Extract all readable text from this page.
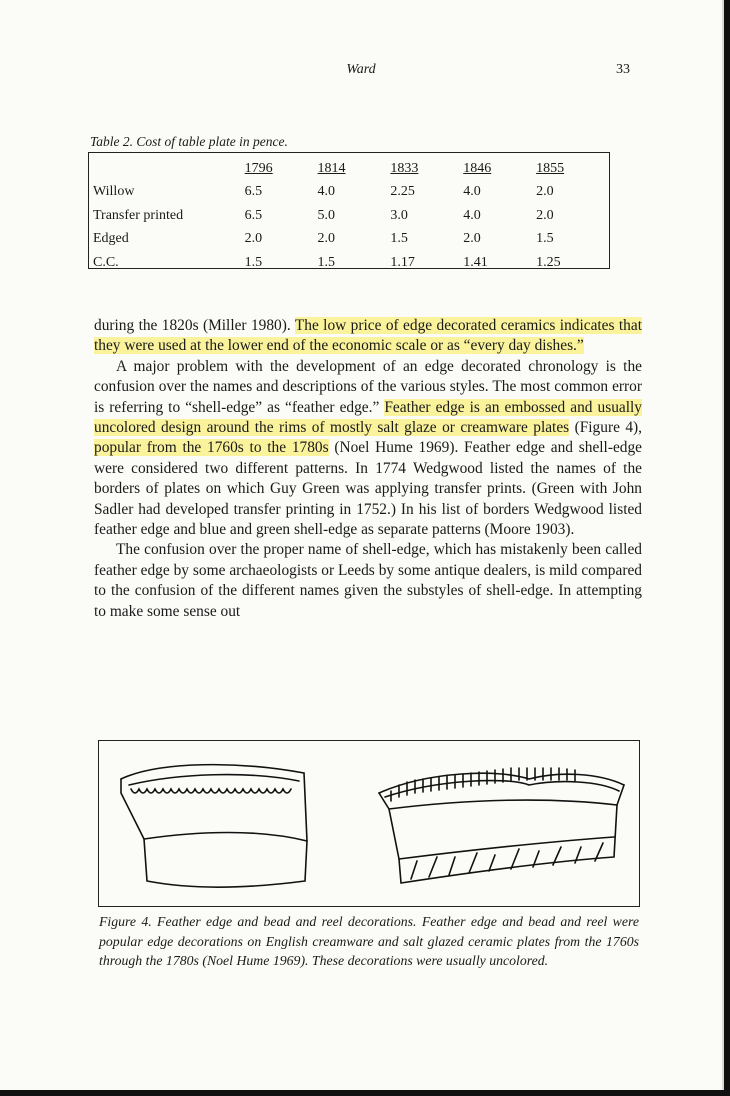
Ward	33
Table 2. Cost of table plate in pence.
	1796	1814	1833	1846	1855
Willow	6.5	4.0	2.25	4.0	2.0
Transfer printed	6.5	5.0	3.0	4.0	2.0
Edged	2.0	2.0	1.5	2.0	1.5
C.C.	1.5	1.5	1.17	1.41	1.25

during the 1820s (Miller 1980). The low price of edge decorated ceramics indicates that they were used at the lower end of the economic scale or as “every day dishes.”

A major problem with the development of an edge decorated chronology is the confusion over the names and descriptions of the various styles. The most common error is referring to “shell-edge” as “feather edge.” Feather edge is an embossed and usually uncolored design around the rims of mostly salt glaze or creamware plates (Figure 4), popular from the 1760s to the 1780s (Noel Hume 1969). Feather edge and shell-edge were considered two different patterns. In 1774 Wedgwood listed the names of the borders of plates on which Guy Green was applying transfer prints. (Green with John Sadler had developed transfer printing in 1752.) In his list of borders Wedgwood listed feather edge and blue and green shell-edge as separate patterns (Moore 1903).

The confusion over the proper name of shell-edge, which has mistakenly been called feather edge by some archaeologists or Leeds by some antique dealers, is mild compared to the confusion of the different names given the substyles of shell-edge. In attempting to make some sense out

Figure 4. Feather edge and bead and reel decorations. Feather edge and bead and reel were popular edge decorations on English creamware and salt glazed ceramic plates from the 1760s through the 1780s (Noel Hume 1969). These decorations were usually uncolored.
